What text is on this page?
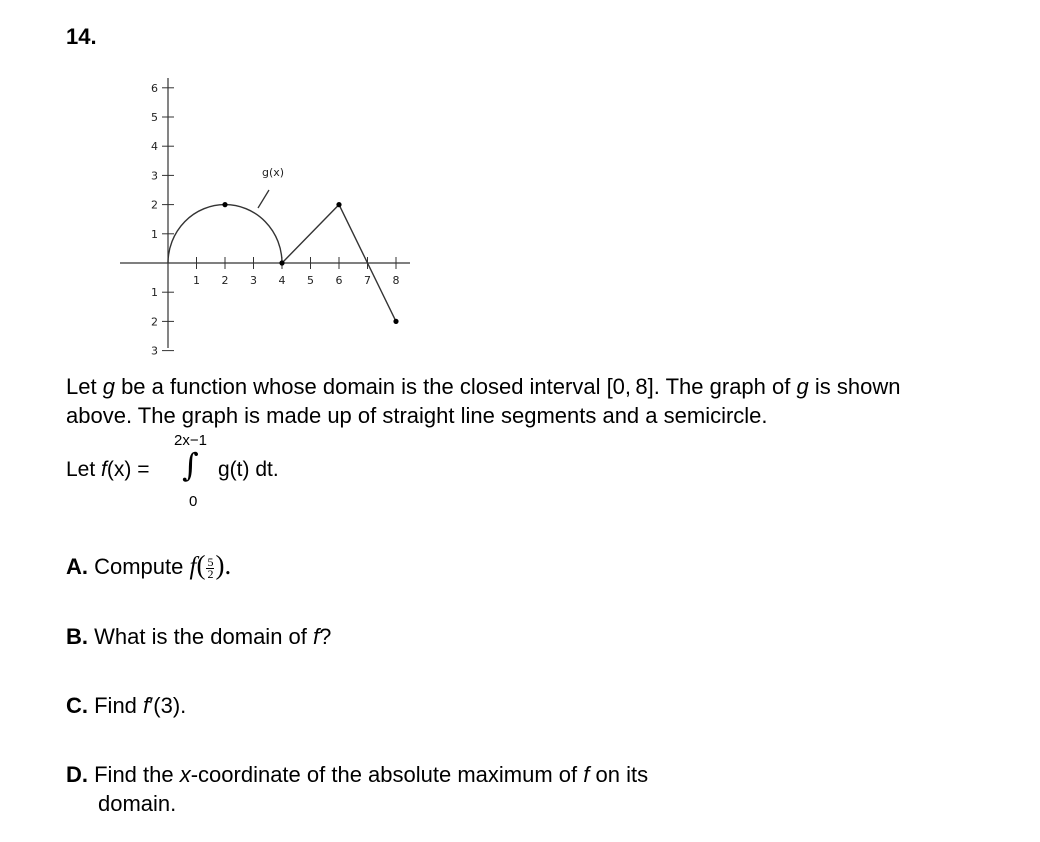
14.
1 2 3 4 5 6 7 8
1
2
3
4
5
6
1
2
3
g(x)
Let g be a function whose domain is the closed interval [0, 8]. The graph of g is shown
above. The graph is made up of straight line segments and a semicircle.
Let f(x) =
2x−1
∫
0
g(t) dt.
A. Compute $f( \frac{5}{2}$ ).
B. What is the domain of f?
C. Find f′(3).
D. Find the x-coordinate of the absolute maximum of f on its
domain.
